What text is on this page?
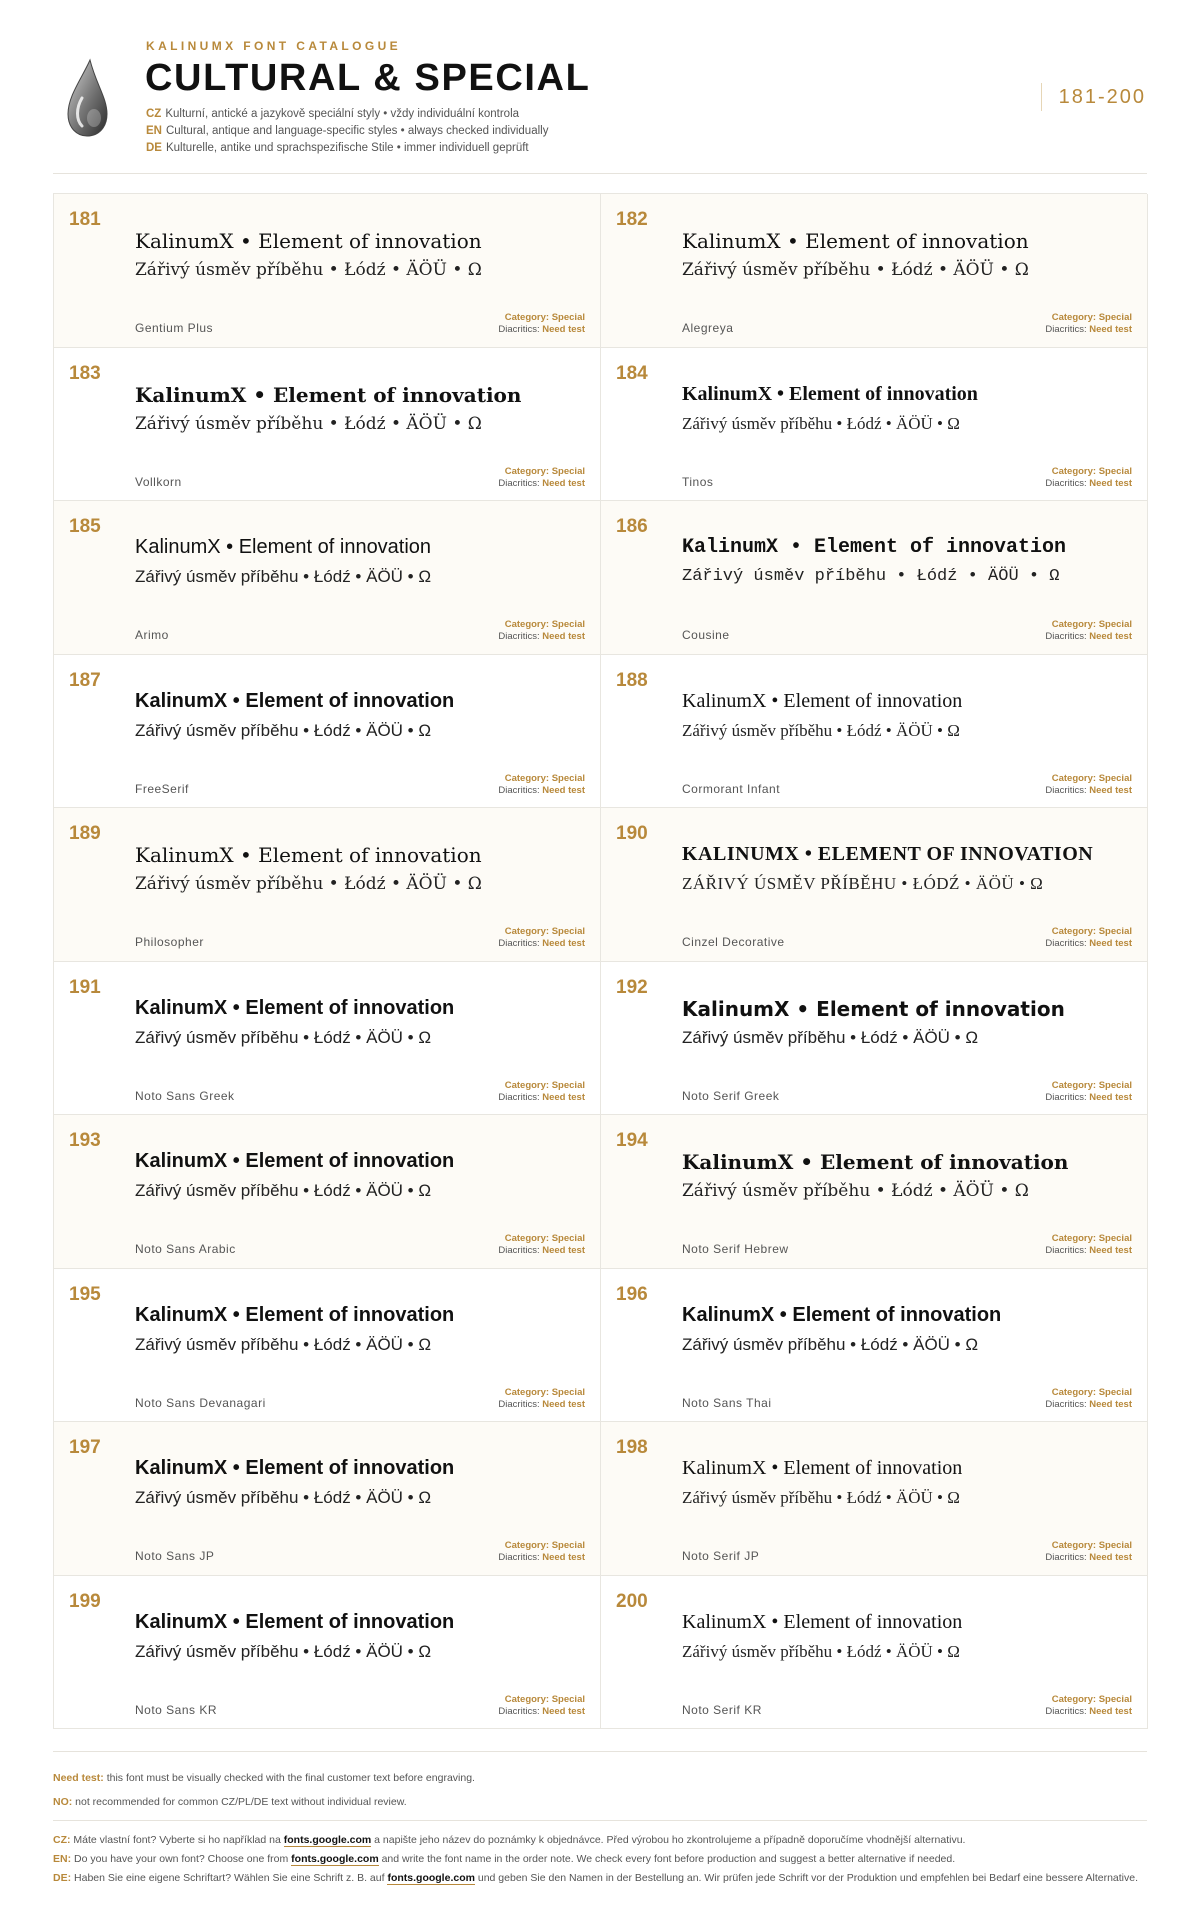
KALINUMX FONT CATALOGUE
CULTURAL & SPECIAL
CZ Kulturní, antické a jazykově speciální styly • vždy individuální kontrola
EN Cultural, antique and language-specific styles • always checked individually
DE Kulturelle, antike und sprachspezifische Stile • immer individuell geprüft
181-200
181
KalinumX • Element of innovation
Zářivý úsměv příběhu • Łódź • ÄÖÜ • Ω
Gentium Plus
Category: Special
Diacritics: Need test
182
KalinumX • Element of innovation
Zářivý úsměv příběhu • Łódź • ÄÖÜ • Ω
Alegreya
Category: Special
Diacritics: Need test
183
KalinumX • Element of innovation
Zářivý úsměv příběhu • Łódź • ÄÖÜ • Ω
Vollkorn
Category: Special
Diacritics: Need test
184
KalinumX • Element of innovation
Zářivý úsměv příběhu • Łódź • ÄÖÜ • Ω
Tinos
Category: Special
Diacritics: Need test
185
KalinumX • Element of innovation
Zářivý úsměv příběhu • Łódź • ÄÖÜ • Ω
Arimo
Category: Special
Diacritics: Need test
186
KalinumX • Element of innovation
Zářivý úsměv příběhu • Łódź • ÄÖÜ • Ω
Cousine
Category: Special
Diacritics: Need test
187
KalinumX • Element of innovation
Zářivý úsměv příběhu • Łódź • ÄÖÜ • Ω
FreeSerif
Category: Special
Diacritics: Need test
188
KalinumX • Element of innovation
Zářivý úsměv příběhu • Łódź • ÄÖÜ • Ω
Cormorant Infant
Category: Special
Diacritics: Need test
189
KalinumX • Element of innovation
Zářivý úsměv příběhu • Łódź • ÄÖÜ • Ω
Philosopher
Category: Special
Diacritics: Need test
190
KALINUMX • ELEMENT OF INNOVATION
ZÁŘIVÝ ÚSMĚV PŘÍBĚHU • ŁÓDŹ • ÄÖÜ • Ω
Cinzel Decorative
Category: Special
Diacritics: Need test
191
KalinumX • Element of innovation
Zářivý úsměv příběhu • Łódź • ÄÖÜ • Ω
Noto Sans Greek
Category: Special
Diacritics: Need test
192
KalinumX • Element of innovation
Zářivý úsměv příběhu • Łódź • ÄÖÜ • Ω
Noto Serif Greek
Category: Special
Diacritics: Need test
193
KalinumX • Element of innovation
Zářivý úsměv příběhu • Łódź • ÄÖÜ • Ω
Noto Sans Arabic
Category: Special
Diacritics: Need test
194
KalinumX • Element of innovation
Zářivý úsměv příběhu • Łódź • ÄÖÜ • Ω
Noto Serif Hebrew
Category: Special
Diacritics: Need test
195
KalinumX • Element of innovation
Zářivý úsměv příběhu • Łódź • ÄÖÜ • Ω
Noto Sans Devanagari
Category: Special
Diacritics: Need test
196
KalinumX • Element of innovation
Zářivý úsměv příběhu • Łódź • ÄÖÜ • Ω
Noto Sans Thai
Category: Special
Diacritics: Need test
197
KalinumX • Element of innovation
Zářivý úsměv příběhu • Łódź • ÄÖÜ • Ω
Noto Sans JP
Category: Special
Diacritics: Need test
198
KalinumX • Element of innovation
Zářivý úsměv příběhu • Łódź • ÄÖÜ • Ω
Noto Serif JP
Category: Special
Diacritics: Need test
199
KalinumX • Element of innovation
Zářivý úsměv příběhu • Łódź • ÄÖÜ • Ω
Noto Sans KR
Category: Special
Diacritics: Need test
200
KalinumX • Element of innovation
Zářivý úsměv příběhu • Łódź • ÄÖÜ • Ω
Noto Serif KR
Category: Special
Diacritics: Need test
Need test: this font must be visually checked with the final customer text before engraving.
NO: not recommended for common CZ/PL/DE text without individual review.

CZ: Máte vlastní font? Vyberte si ho například na fonts.google.com a napište jeho název do poznámky k objednávce. Před výrobou ho zkontrolujeme a případně doporučíme vhodnější alternativu.

EN: Do you have your own font? Choose one from fonts.google.com and write the font name in the order note. We check every font before production and suggest a better alternative if needed.

DE: Haben Sie eine eigene Schriftart? Wählen Sie eine Schrift z. B. auf fonts.google.com und geben Sie den Namen in der Bestellung an. Wir prüfen jede Schrift vor der Produktion und empfehlen bei Bedarf eine bessere Alternative.
